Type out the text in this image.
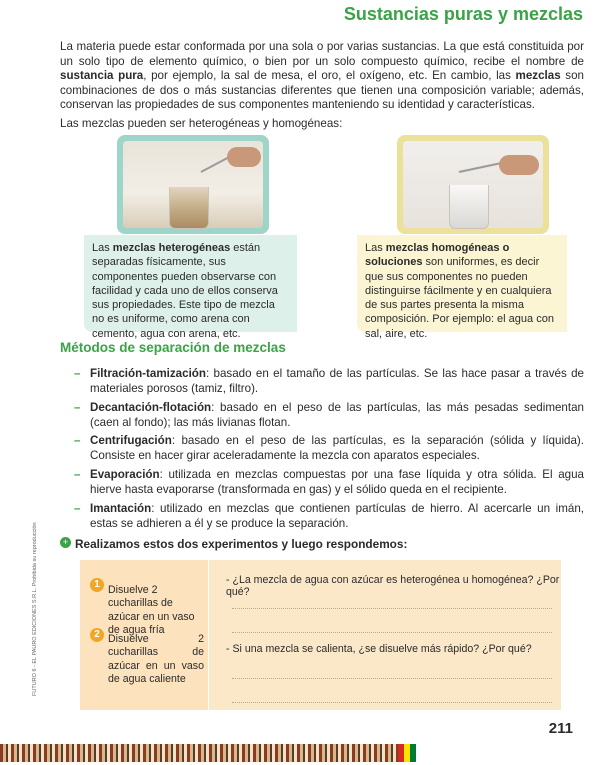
Sustancias puras y mezclas
La materia puede estar conformada por una sola o por varias sustancias. La que está constituida por un solo tipo de elemento químico, o bien por un solo compuesto químico, recibe el nombre de sustancia pura, por ejemplo, la sal de mesa, el oro, el oxígeno, etc. En cambio, las mezclas son combinaciones de dos o más sustancias diferentes que tienen una composición variable; además, conservan las propiedades de sus componentes manteniendo su identidad y características.
Las mezclas pueden ser heterogéneas y homogéneas:
Las mezclas heterogéneas están separadas físicamente, sus componentes pueden observarse con facilidad y cada uno de ellos conserva sus propiedades. Este tipo de mezcla no es uniforme, como arena con cemento, agua con arena, etc.
Las mezclas homogéneas o soluciones son uniformes, es decir que sus componentes no pueden distinguirse fácilmente y en cualquiera de sus partes presenta la misma composición. Por ejemplo: el agua con sal, aire, etc.
Métodos de separación de mezclas
– Filtración-tamización: basado en el tamaño de las partículas. Se las hace pasar a través de materiales porosos (tamiz, filtro).
– Decantación-flotación: basado en el peso de las partículas, las más pesadas sedimentan (caen al fondo); las más livianas flotan.
– Centrifugación: basado en el peso de las partículas, es la separación (sólida y líquida). Consiste en hacer girar aceleradamente la mezcla con aparatos especiales.
– Evaporación: utilizada en mezclas compuestas por una fase líquida y otra sólida. El agua hierve hasta evaporarse (transformada en gas) y el sólido queda en el recipiente.
– Imantación: utilizado en mezclas que contienen partículas de hierro. Al acercarle un imán, estas se adhieren a él y se produce la separación.
+ Realizamos estos dos experimentos y luego respondemos:
1 Disuelve 2 cucharillas de azúcar en un vaso de agua fría
2 Disuelve 2 cucharillas de azúcar en un vaso de agua caliente
- ¿La mezcla de agua con azúcar es heterogénea u homogénea? ¿Por qué?
- Si una mezcla se calienta, ¿se disuelve más rápido? ¿Por qué?
FUTURO 6 - EL PAURO EDICIONES S.R.L. Prohibida su reproducción
211
